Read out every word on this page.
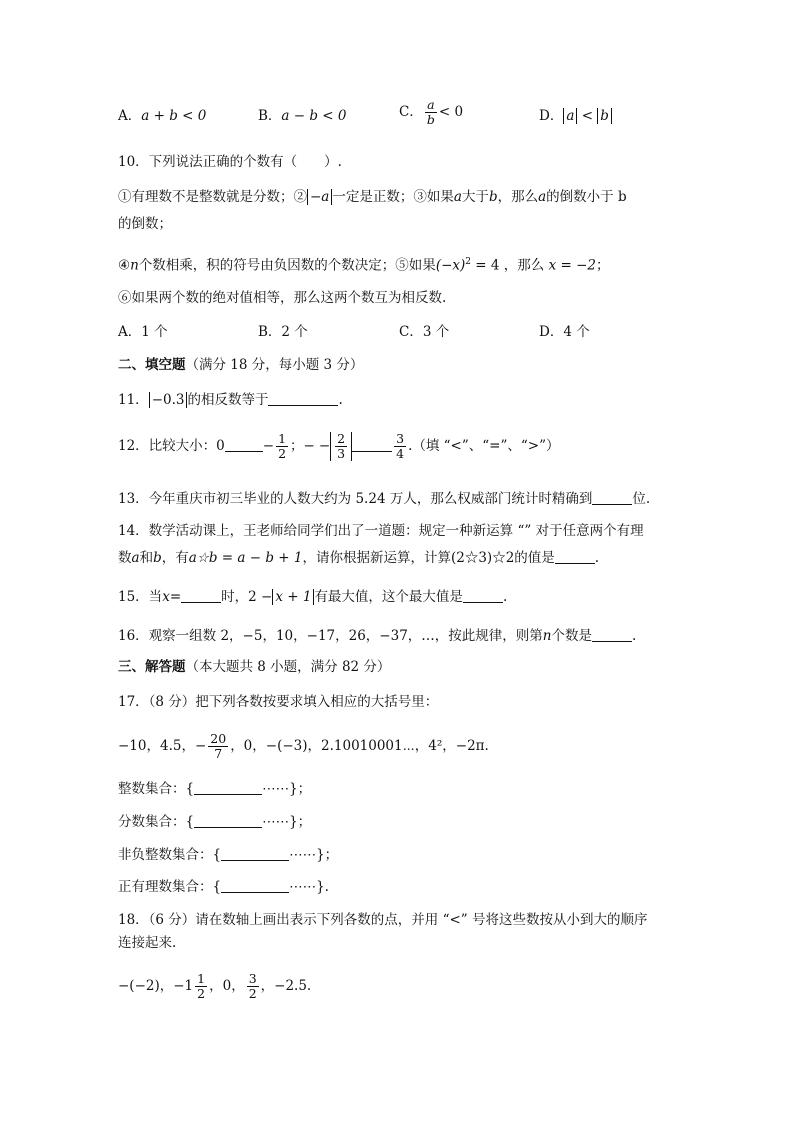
A．a + b < 0	B．a − b < 0	C． $\frac{a}{b} < 0$	D． a < b
10．下列说法正确的个数有（　　）.
①有理数不是整数就是分数；② −a 一定是正数；③如果a大于b，那么a的倒数小于 b
的倒数；
④n个数相乘，积的符号由负因数的个数决定；⑤如果$(-x)^2 = 4$ ，那么 x = −2；
⑥如果两个数的绝对值相等，那么这两个数互为相反数.
A．1 个	B．2 个	C．3 个	D．4 个
二、填空题（满分 18 分，每小题 3 分）
11． −0.3 的相反数等于	.
12．比较大小：0	− $\frac{1}{2}$ ；− − $\frac{2}{3}$	$\frac{3}{4}$ .（填 “<”、“=”、“>”）
13．今年重庆市初三毕业的人数大约为 5.24 万人，那么权威部门统计时精确到	位.
14．数学活动课上，王老师给同学们出了一道题：规定一种新运算 “” 对于任意两个有理
数a和b，有a☆b = a − b + 1，请你根据新运算，计算(2☆3)☆2的值是	.
15．当x=	时，2 − x + 1 有最大值，这个最大值是	.
16．观察一组数 2，−5，10，−17，26，−37，…，按此规律，则第n个数是	.
三、解答题（本大题共 8 小题，满分 82 分）
17．（8 分）把下列各数按要求填入相应的大括号里：
−10，4.5，− $\frac{20}{7}$ ，0，−(−3)，2.10010001⋯，4²，−2π.
整数集合：{	⋯⋯}；
分数集合：{	⋯⋯}；
非负整数集合：{	⋯⋯}；
正有理数集合：{	⋯⋯}.
18．（6 分）请在数轴上画出表示下列各数的点，并用 “<” 号将这些数按从小到大的顺序
连接起来.
−(−2)，$-1 \frac{1}{2}$ ，0， $\frac{3}{2}$ ，−2.5.
